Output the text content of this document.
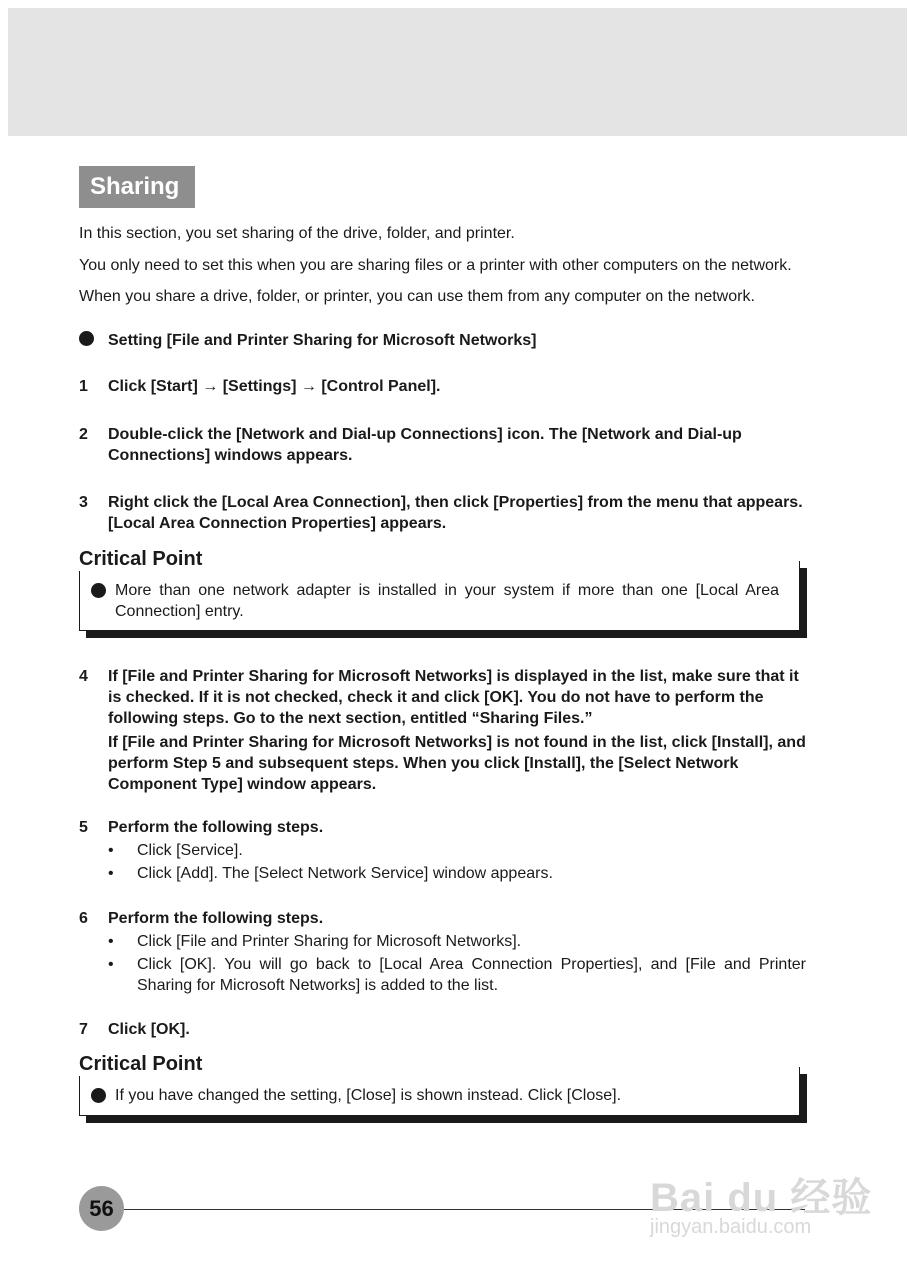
Sharing
In this section, you set sharing of the drive, folder, and printer.
You only need to set this when you are sharing files or a printer with other computers on the network.
When you share a drive, folder, or printer, you can use them from any computer on the network.
Setting [File and Printer Sharing for Microsoft Networks]
1 Click [Start] → [Settings] → [Control Panel].
2 Double-click the [Network and Dial-up Connections] icon. The [Network and Dial-up Connections] windows appears.
3 Right click the [Local Area Connection], then click [Properties] from the menu that appears. [Local Area Connection Properties] appears.
More than one network adapter is installed in your system if more than one [Local Area Connection] entry.
Critical Point
4 If [File and Printer Sharing for Microsoft Networks] is displayed in the list, make sure that it is checked. If it is not checked, check it and click [OK]. You do not have to perform the following steps. Go to the next section, entitled “Sharing Files.”
If [File and Printer Sharing for Microsoft Networks] is not found in the list, click [Install], and perform Step 5 and subsequent steps. When you click [Install], the [Select Network Component Type] window appears.
5 Perform the following steps.
• Click [Service].
• Click [Add]. The [Select Network Service] window appears.
6 Perform the following steps.
• Click [File and Printer Sharing for Microsoft Networks].
• Click [OK]. You will go back to [Local Area Connection Properties], and [File and Printer Sharing for Microsoft Networks] is added to the list.
7 Click [OK].
If you have changed the setting, [Close] is shown instead. Click [Close].
Critical Point
56	Bai du 经验
jingyan.baidu.com
